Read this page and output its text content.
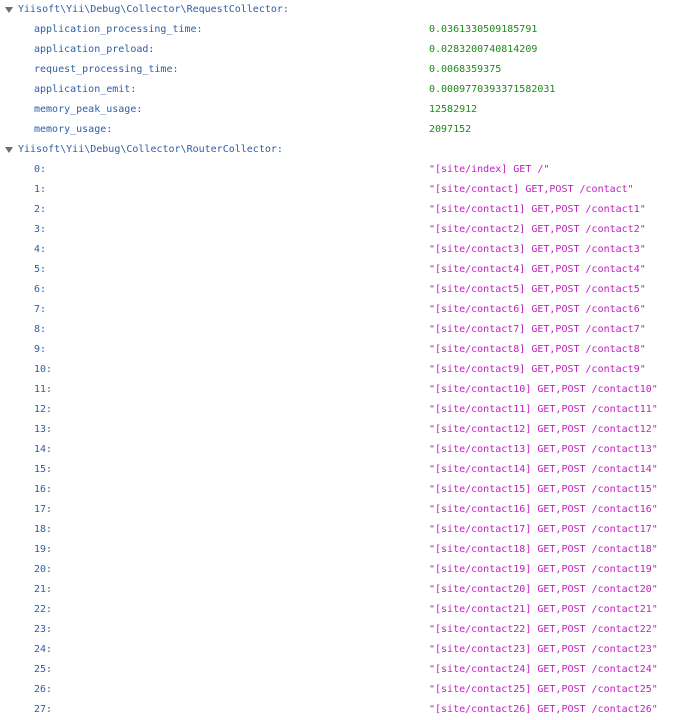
Yiisoft\Yii\Debug\Collector\RequestCollector:
application_processing_time:	0.0361330509185791
application_preload:	0.0283200740814209
request_processing_time:	0.0068359375
application_emit:	0.0009770393371582031
memory_peak_usage:	12582912
memory_usage:	2097152
Yiisoft\Yii\Debug\Collector\RouterCollector:
0:	"[site/index] GET /"
1:	"[site/contact] GET,POST /contact"
2:	"[site/contact1] GET,POST /contact1"
3:	"[site/contact2] GET,POST /contact2"
4:	"[site/contact3] GET,POST /contact3"
5:	"[site/contact4] GET,POST /contact4"
6:	"[site/contact5] GET,POST /contact5"
7:	"[site/contact6] GET,POST /contact6"
8:	"[site/contact7] GET,POST /contact7"
9:	"[site/contact8] GET,POST /contact8"
10:	"[site/contact9] GET,POST /contact9"
11:	"[site/contact10] GET,POST /contact10"
12:	"[site/contact11] GET,POST /contact11"
13:	"[site/contact12] GET,POST /contact12"
14:	"[site/contact13] GET,POST /contact13"
15:	"[site/contact14] GET,POST /contact14"
16:	"[site/contact15] GET,POST /contact15"
17:	"[site/contact16] GET,POST /contact16"
18:	"[site/contact17] GET,POST /contact17"
19:	"[site/contact18] GET,POST /contact18"
20:	"[site/contact19] GET,POST /contact19"
21:	"[site/contact20] GET,POST /contact20"
22:	"[site/contact21] GET,POST /contact21"
23:	"[site/contact22] GET,POST /contact22"
24:	"[site/contact23] GET,POST /contact23"
25:	"[site/contact24] GET,POST /contact24"
26:	"[site/contact25] GET,POST /contact25"
27:	"[site/contact26] GET,POST /contact26"
